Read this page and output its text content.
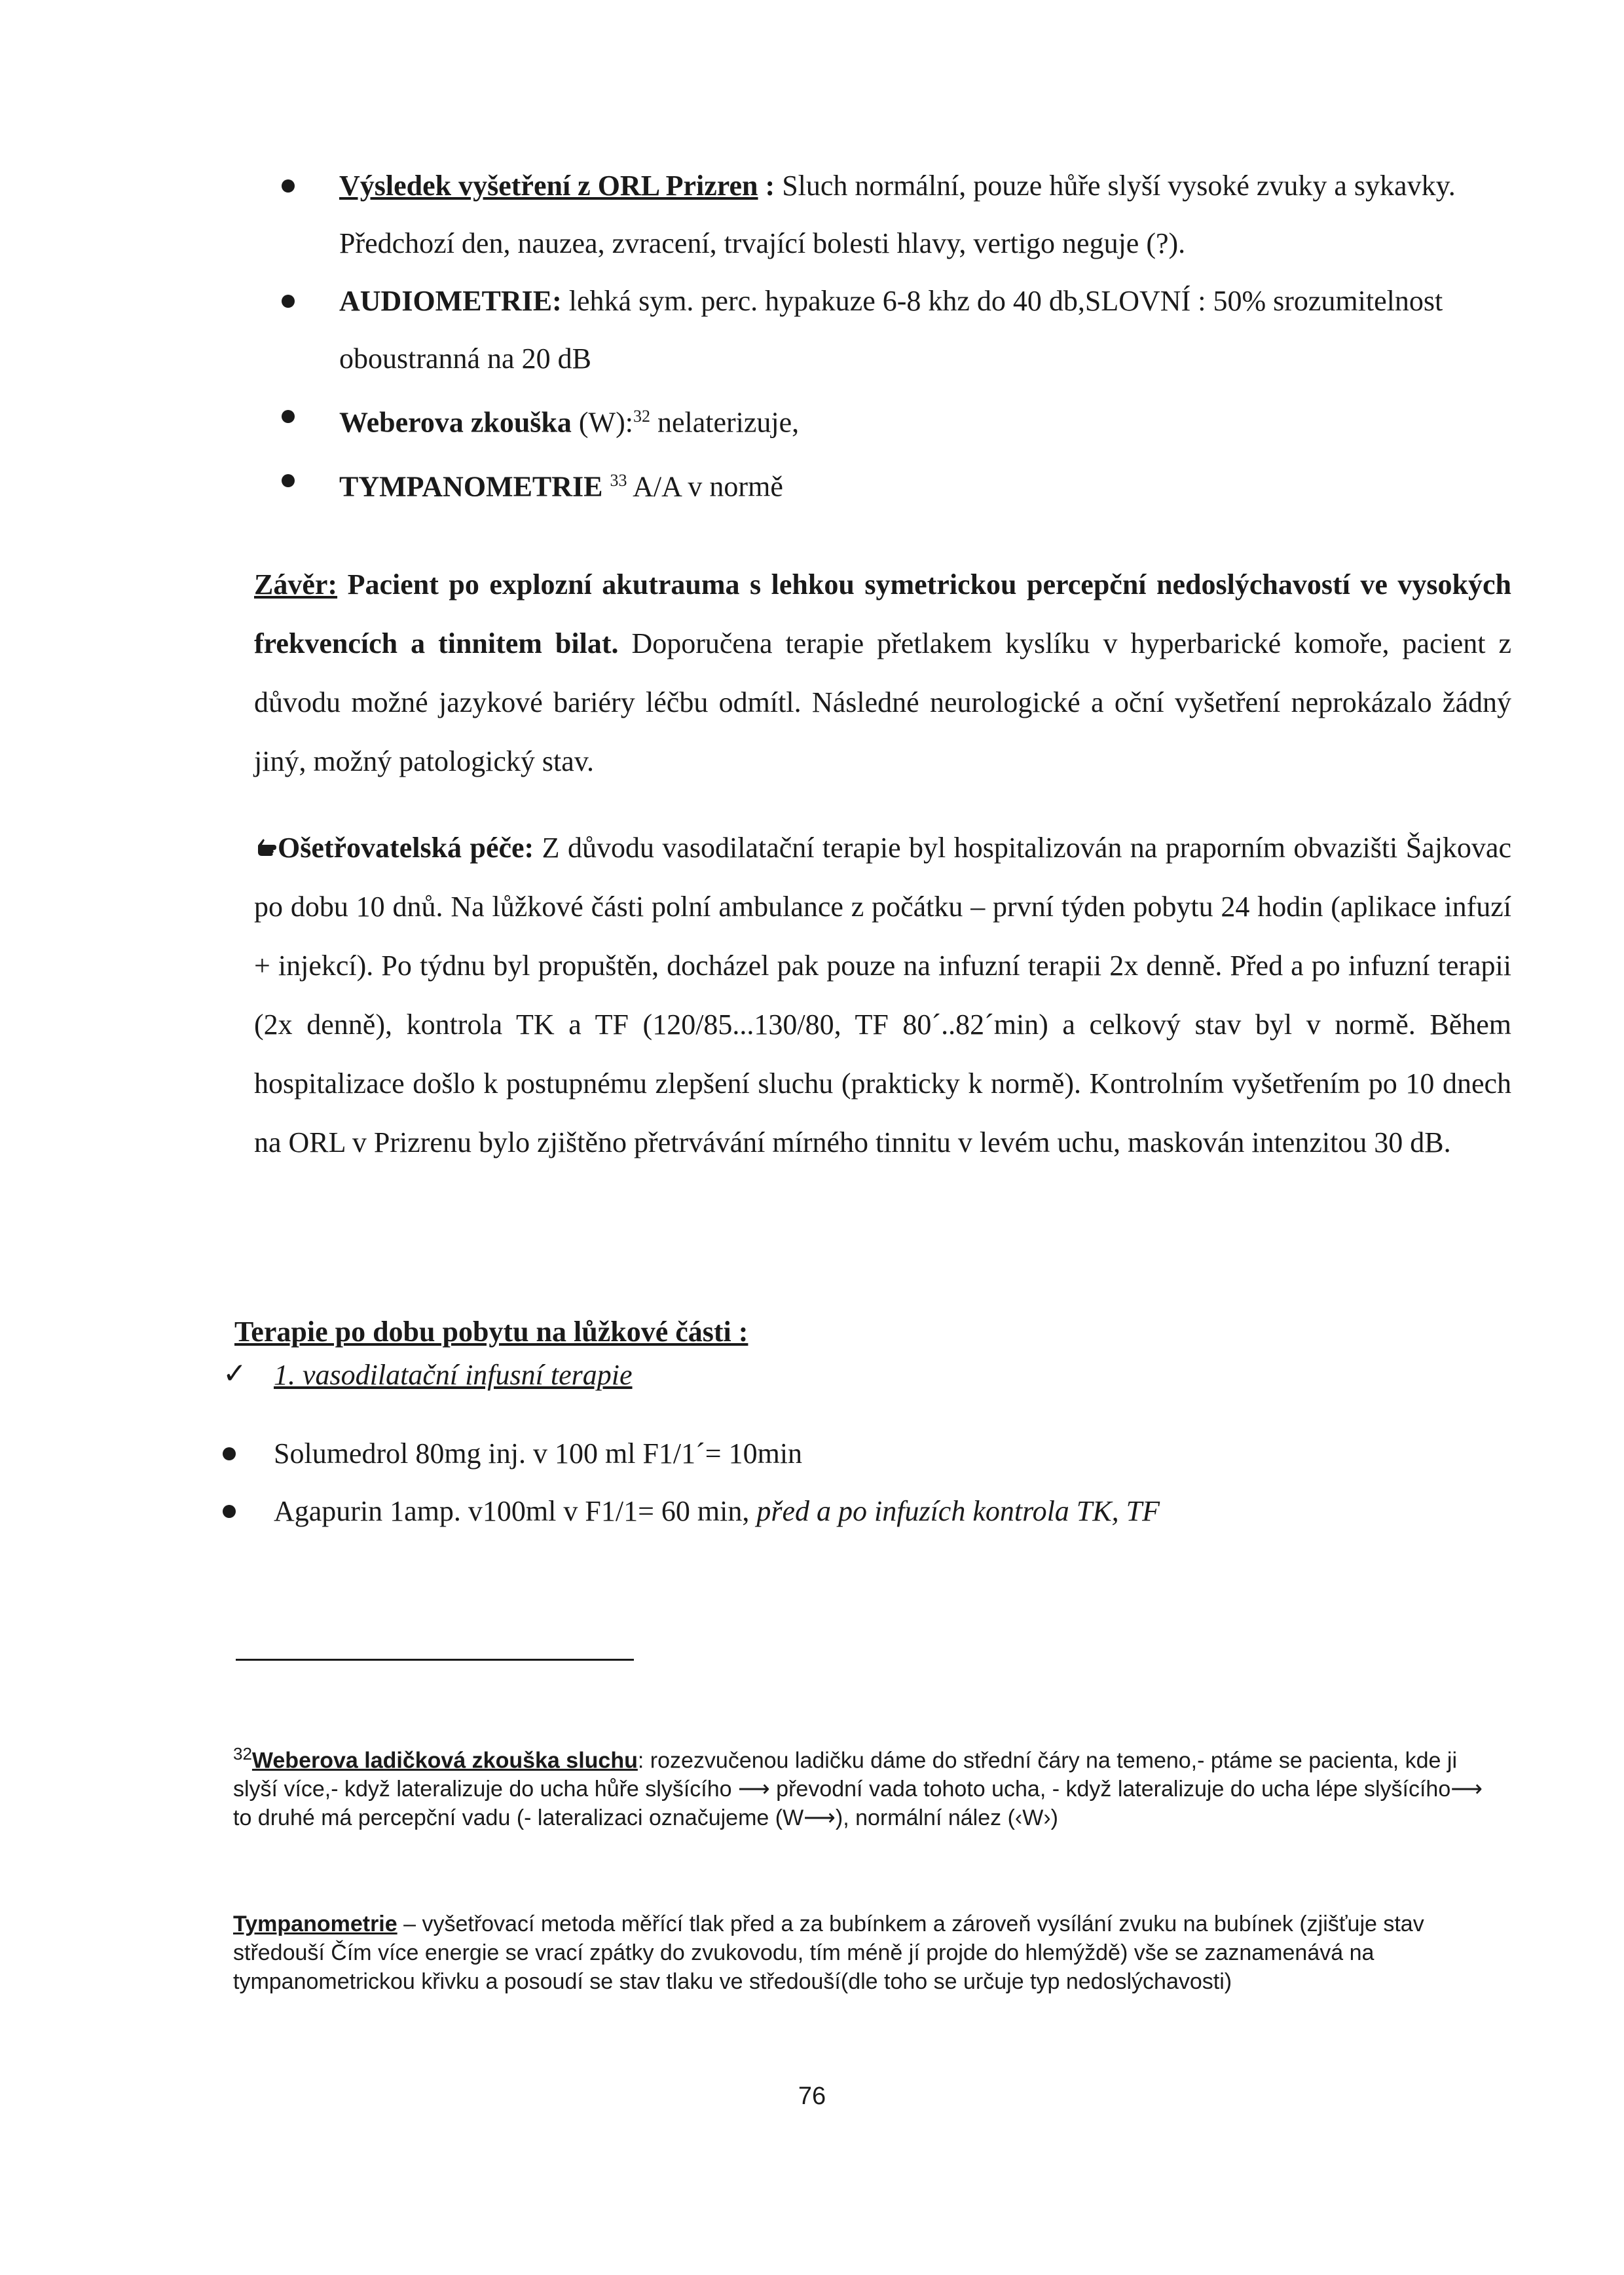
Výsledek vyšetření z ORL Prizren : Sluch normální, pouze hůře slyší vysoké zvuky a sykavky. Předchozí den, nauzea, zvracení, trvající bolesti hlavy, vertigo neguje (?).
AUDIOMETRIE: lehká sym. perc. hypakuze 6-8 khz do 40 db,SLOVNÍ : 50% srozumitelnost oboustranná na 20 dB
Weberova zkouška (W):$^{32}$ nelaterizuje,
TYMPANOMETRIE $^{33}$ A/A v normě
Závěr: Pacient po explozní akutrauma s lehkou symetrickou percepční nedoslýchavostí ve vysokých frekvencích a tinnitem bilat. Doporučena terapie přetlakem kyslíku v hyperbarické komoře, pacient z důvodu možné jazykové bariéry léčbu odmítl. Následné neurologické a oční vyšetření neprokázalo žádný jiný, možný patologický stav.
Ošetřovatelská péče: Z důvodu vasodilatační terapie byl hospitalizován na praporním obvazišti Šajkovac po dobu 10 dnů. Na lůžkové části polní ambulance z počátku – první týden pobytu 24 hodin (aplikace infuzí + injekcí). Po týdnu byl propuštěn, docházel pak pouze na infuzní terapii 2x denně. Před a po infuzní terapii (2x denně), kontrola TK a TF (120/85...130/80, TF 80´..82´min) a celkový stav byl v normě. Během hospitalizace došlo k postupnému zlepšení sluchu (prakticky k normě). Kontrolním vyšetřením po 10 dnech na ORL v Prizrenu bylo zjištěno přetrvávání mírného tinnitu v levém uchu, maskován intenzitou 30 dB.
Terapie po dobu pobytu na lůžkové části :
✓ 1. vasodilatační infusní terapie
Solumedrol 80mg inj. v 100 ml F1/1´= 10min
Agapurin 1amp. v100ml v F1/1= 60 min, před a po infuzích kontrola TK, TF
$^{32}$Weberova ladičková zkouška sluchu: rozezvučenou ladičku dáme do střední čáry na temeno,- ptáme se pacienta, kde ji slyší více,- když lateralizuje do ucha hůře slyšícího ⟶ převodní vada tohoto ucha, - když lateralizuje do ucha lépe slyšícího⟶ to druhé má percepční vadu (- lateralizaci označujeme (W⟶), normální nález (‹W›)
Tympanometrie – vyšetřovací metoda měřící tlak před a za bubínkem a zároveň vysílání zvuku na bubínek (zjišťuje stav středouší Čím více energie se vrací zpátky do zvukovodu, tím méně jí projde do hlemýždě) vše se zaznamenává na tympanometrickou křivku a posoudí se stav tlaku ve středouší(dle toho se určuje typ nedoslýchavosti)
76
